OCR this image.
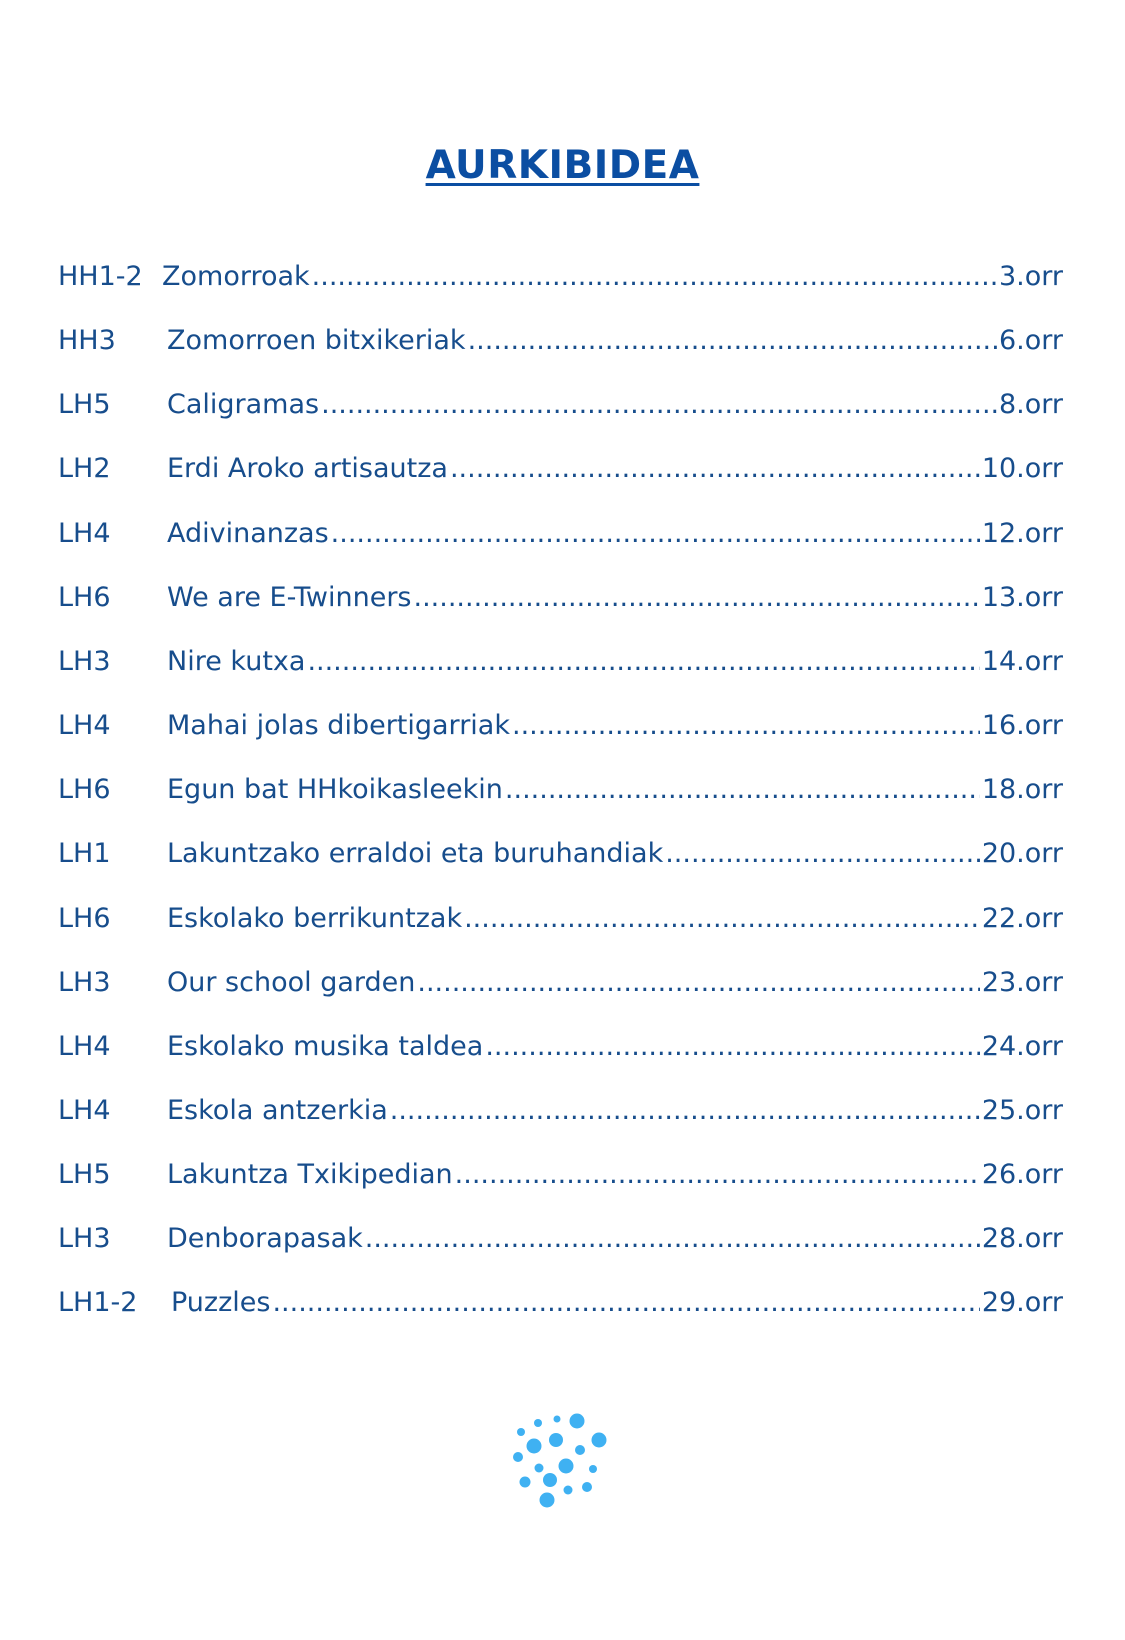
AURKIBIDEA
HH1-2 Zomorroak .....	3.orr
HH3	Zomorroen bitxikeriak .....	6.orr
LH5	Caligramas .....	8.orr
LH2	Erdi Aroko artisautza .....	10.orr
LH4	Adivinanzas .....	12.orr
LH6	We are E-Twinners .....	13.orr
LH3	Nire kutxa .....	14.orr
LH4	Mahai jolas dibertigarriak .....	16.orr
LH6	Egun bat HHkoikasleekin .....	18.orr
LH1	Lakuntzako erraldoi eta buruhandiak .....	20.orr
LH6	Eskolako berrikuntzak .....	22.orr
LH3	Our school garden .....	23.orr
LH4	Eskolako musika taldea .....	24.orr
LH4	Eskola antzerkia .....	25.orr
LH5	Lakuntza Txikipedian .....	26.orr
LH3	Denborapasak .....	28.orr
LH1-2	Puzzles .....	29.orr
